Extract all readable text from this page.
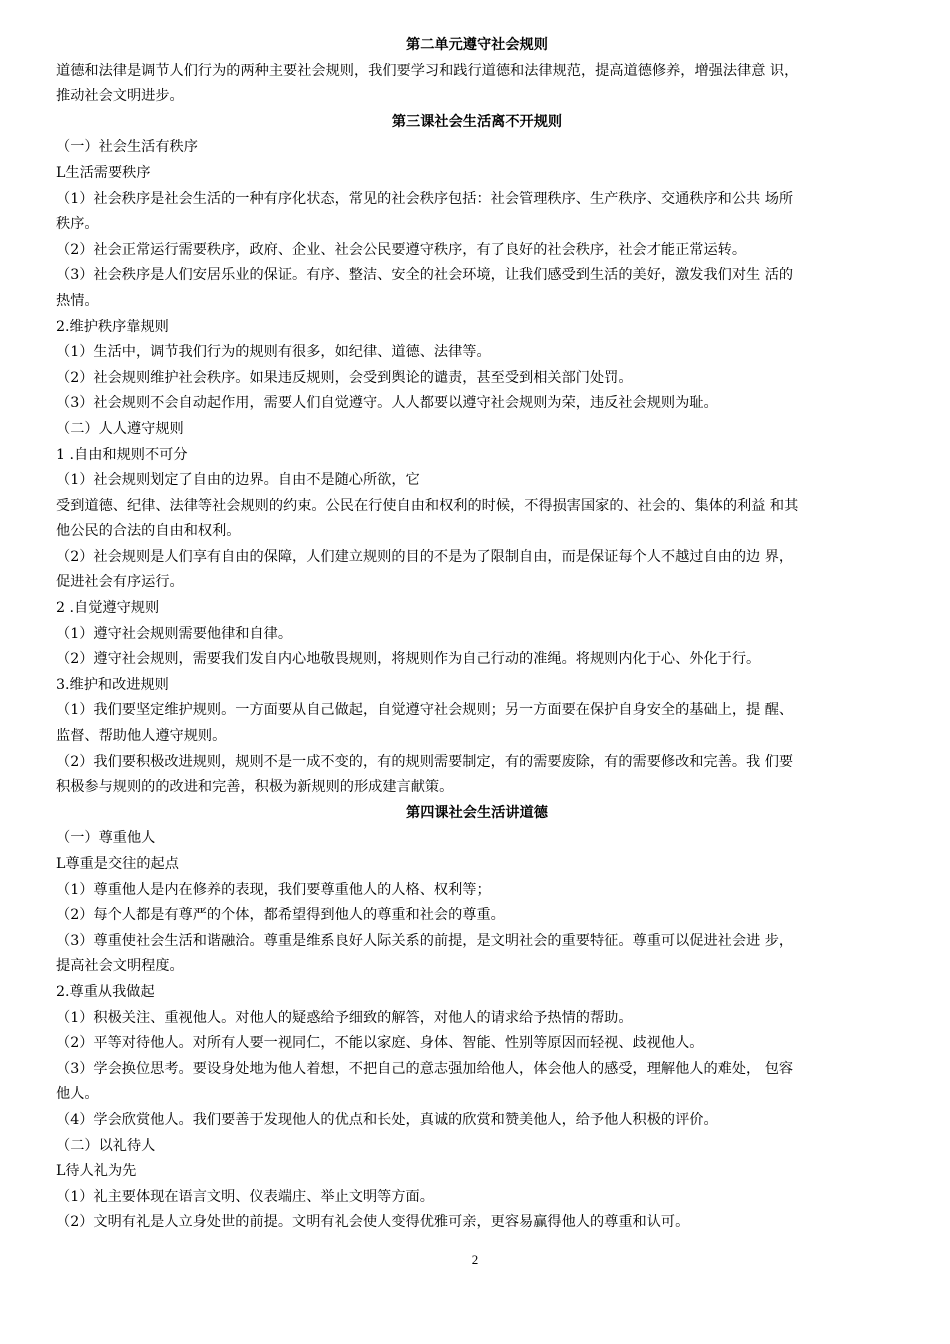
第二单元遵守社会规则
道德和法律是调节人们行为的两种主要社会规则，我们要学习和践行道德和法律规范，提高道德修养，增强法律意 识，
推动社会文明进步。
第三课社会生活离不开规则
（一）社会生活有秩序
L生活需要秩序
（1）社会秩序是社会生活的一种有序化状态，常见的社会秩序包括：社会管理秩序、生产秩序、交通秩序和公共 场所
秩序。
（2）社会正常运行需要秩序，政府、企业、社会公民要遵守秩序，有了良好的社会秩序，社会才能正常运转。
（3）社会秩序是人们安居乐业的保证。有序、整洁、安全的社会环境，让我们感受到生活的美好，激发我们对生 活的
热情。
2.维护秩序靠规则
（1）生活中，调节我们行为的规则有很多，如纪律、道德、法律等。
（2）社会规则维护社会秩序。如果违反规则，会受到舆论的谴责，甚至受到相关部门处罚。
（3）社会规则不会自动起作用，需要人们自觉遵守。人人都要以遵守社会规则为荣，违反社会规则为耻。
（二）人人遵守规则
1 .自由和规则不可分
（1）社会规则划定了自由的边界。自由不是随心所欲，它
受到道德、纪律、法律等社会规则的约束。公民在行使自由和权利的时候，不得损害国家的、社会的、集体的利益 和其
他公民的合法的自由和权利。
（2）社会规则是人们享有自由的保障，人们建立规则的目的不是为了限制自由，而是保证每个人不越过自由的边 界，
促进社会有序运行。
2 .自觉遵守规则
（1）遵守社会规则需要他律和自律。
（2）遵守社会规则，需要我们发自内心地敬畏规则，将规则作为自己行动的准绳。将规则内化于心、外化于行。
3.维护和改进规则
（1）我们要坚定维护规则。一方面要从自己做起，自觉遵守社会规则；另一方面要在保护自身安全的基础上，提 醒、
监督、帮助他人遵守规则。
（2）我们要积极改进规则，规则不是一成不变的，有的规则需要制定，有的需要废除，有的需要修改和完善。我 们要
积极参与规则的的改进和完善，积极为新规则的形成建言献策。
第四课社会生活讲道德
（一）尊重他人
L尊重是交往的起点
（1）尊重他人是内在修养的表现，我们要尊重他人的人格、权利等；
（2）每个人都是有尊严的个体，都希望得到他人的尊重和社会的尊重。
（3）尊重使社会生活和谐融洽。尊重是维系良好人际关系的前提，是文明社会的重要特征。尊重可以促进社会进 步，
提高社会文明程度。
2.尊重从我做起
（1）积极关注、重视他人。对他人的疑惑给予细致的解答，对他人的请求给予热情的帮助。
（2）平等对待他人。对所有人要一视同仁，不能以家庭、身体、智能、性别等原因而轻视、歧视他人。
（3）学会换位思考。要设身处地为他人着想，不把自己的意志强加给他人，体会他人的感受，理解他人的难处， 包容
他人。
（4）学会欣赏他人。我们要善于发现他人的优点和长处，真诚的欣赏和赞美他人，给予他人积极的评价。
（二）以礼待人
L待人礼为先
（1）礼主要体现在语言文明、仪表端庄、举止文明等方面。
（2）文明有礼是人立身处世的前提。文明有礼会使人变得优雅可亲，更容易赢得他人的尊重和认可。
2
